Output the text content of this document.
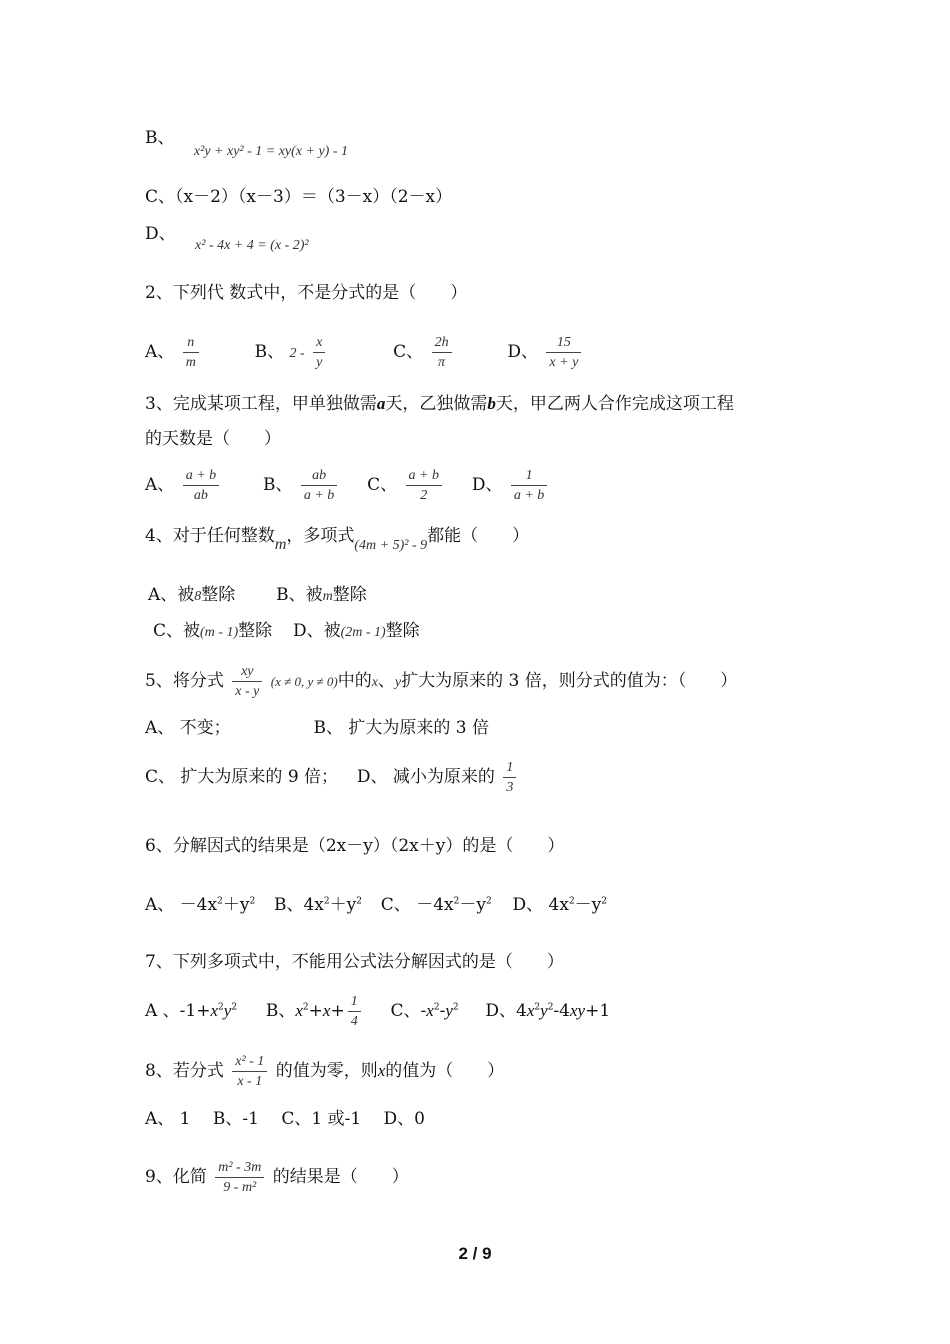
B、 $_{x^2y + xy^2 - 1 = xy(x + y) - 1}$
C、（x－2）（x－3）＝（3－x）（2－x）
D、 $_{x^2 - 4x + 4 = (x - 2)^2}$
2、下列代 数式中，不是分式的是（　　）
A、 $\frac{n}{m}$	B、 $2 - \frac{x}{y}$	C、 $\frac{2h}{\pi}$	D、 $\frac{15}{x + y}$
3、完成某项工程，甲单独做需a天，乙独做需b天，甲乙两人合作完成这项工程
的天数是（　　）
A、 $\frac{a + b}{ab}$	B、 $\frac{ab}{a + b}$ C、 $\frac{a + b}{2}$ D、 $\frac{1}{a + b}$
4、对于任何整数m，多项式$_{(4m + 5)^2 - 9}$都能（　　）
A、被8整除 B、被m整除
C、被(m - 1)整除 D、被(2m - 1)整除
5、将分式 $\frac{xy}{x - y} (x \ne 0$, y ≠ 0)中的x、y扩大为原来的 3 倍，则分式的值为：（　　）
A、 不变；	B、 扩大为原来的 3 倍
C、 扩大为原来的 9 倍； D、 减小为原来的 $\frac{1}{3}$
6、分解因式的结果是（2x－y）（2x＋y）的是（　　）
A、 $-4x^2+y^2$ B、$4x^2+y^2$ C、 $-4x^2-y^2$ D、 $4x^2-y^2$
7、下列多项式中，不能用公式法分解因式的是（　　）
A 、$-1+x^2y^2$ B、$x^2+x+ \frac{1}{4}$ C、$-x^2-y^2$ D、$4x^2y^2-4xy+1$
8、若分式 $\frac{\text{x² - 1}}{x - 1}$ 的值为零，则x的值为（　　）
A、 1　 B、-1　 C、1 或-1　 D、0
9、化简 $\frac{\text{m² - 3m}}{\text{9 - m²}}$ 的结果是（　　）
2 / 9
